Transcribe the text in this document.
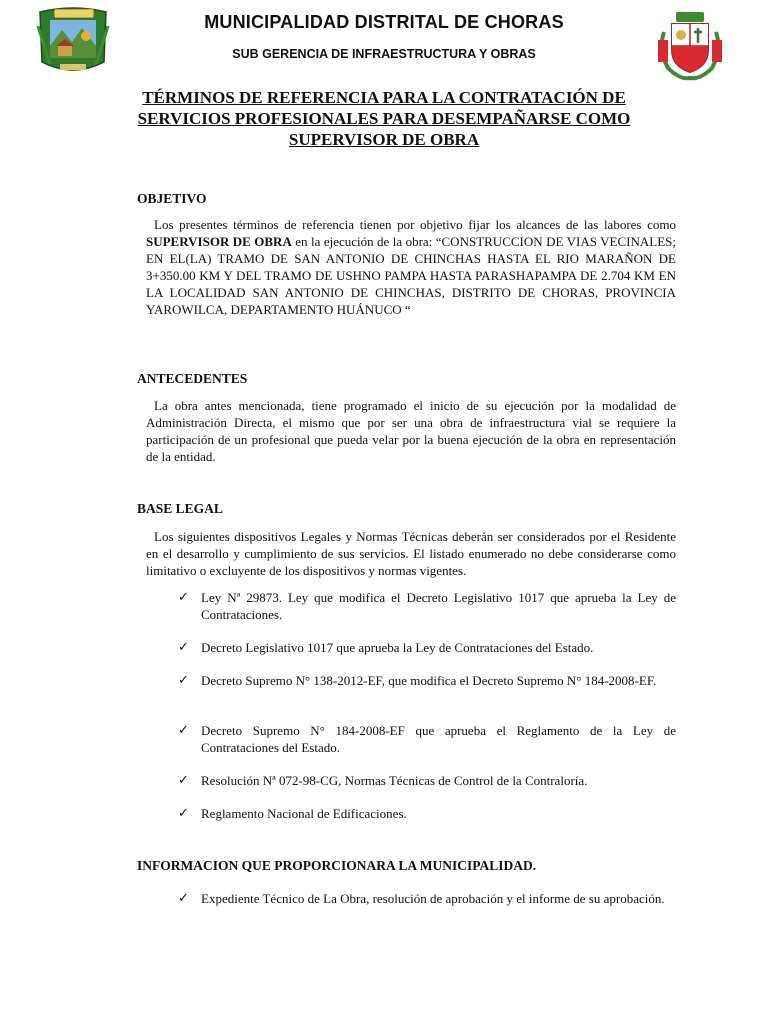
MUNICIPALIDAD DISTRITAL DE CHORAS
SUB GERENCIA DE INFRAESTRUCTURA Y OBRAS
TÉRMINOS DE REFERENCIA PARA LA CONTRATACIÓN DE SERVICIOS PROFESIONALES PARA DESEMPAÑARSE COMO SUPERVISOR DE OBRA
OBJETIVO
Los presentes términos de referencia tienen por objetivo fijar los alcances de las labores como SUPERVISOR DE OBRA en la ejecución de la obra: “CONSTRUCCION DE VIAS VECINALES; EN EL(LA) TRAMO DE SAN ANTONIO DE CHINCHAS HASTA EL RIO MARAÑON DE 3+350.00 KM Y DEL TRAMO DE USHNO PAMPA HASTA PARASHAPAMPA DE 2.704 KM EN LA LOCALIDAD SAN ANTONIO DE CHINCHAS, DISTRITO DE CHORAS, PROVINCIA YAROWILCA, DEPARTAMENTO HUÁNUCO “
ANTECEDENTES
La obra antes mencionada, tiene programado el inicio de su ejecución por la modalidad de Administración Directa, el mismo que por ser una obra de infraestructura vial se requiere la participación de un profesional que pueda velar por la buena ejecución de la obra en representación de la entidad.
BASE LEGAL
Los siguientes dispositivos Legales y Normas Técnicas deberán ser considerados por el Residente en el desarrollo y cumplimiento de sus servicios. El listado enumerado no debe considerarse como limitativo o excluyente de los dispositivos y normas vigentes.
✓ Ley Nª 29873. Ley que modifica el Decreto Legislativo 1017 que aprueba la Ley de Contrataciones.
✓ Decreto Legislativo 1017 que aprueba la Ley de Contrataciones del Estado.
✓ Decreto Supremo N° 138-2012-EF, que modifica el Decreto Supremo N° 184-2008-EF.
✓ Decreto Supremo N° 184-2008-EF que aprueba el Reglamento de la Ley de Contrataciones del Estado.
✓ Resolución Nª 072-98-CG, Normas Técnicas de Control de la Contraloría.
✓ Reglamento Nacional de Edificaciones.
INFORMACION QUE PROPORCIONARA LA MUNICIPALIDAD.
✓ Expediente Técnico de La Obra, resolución de aprobación y el informe de su aprobación.
